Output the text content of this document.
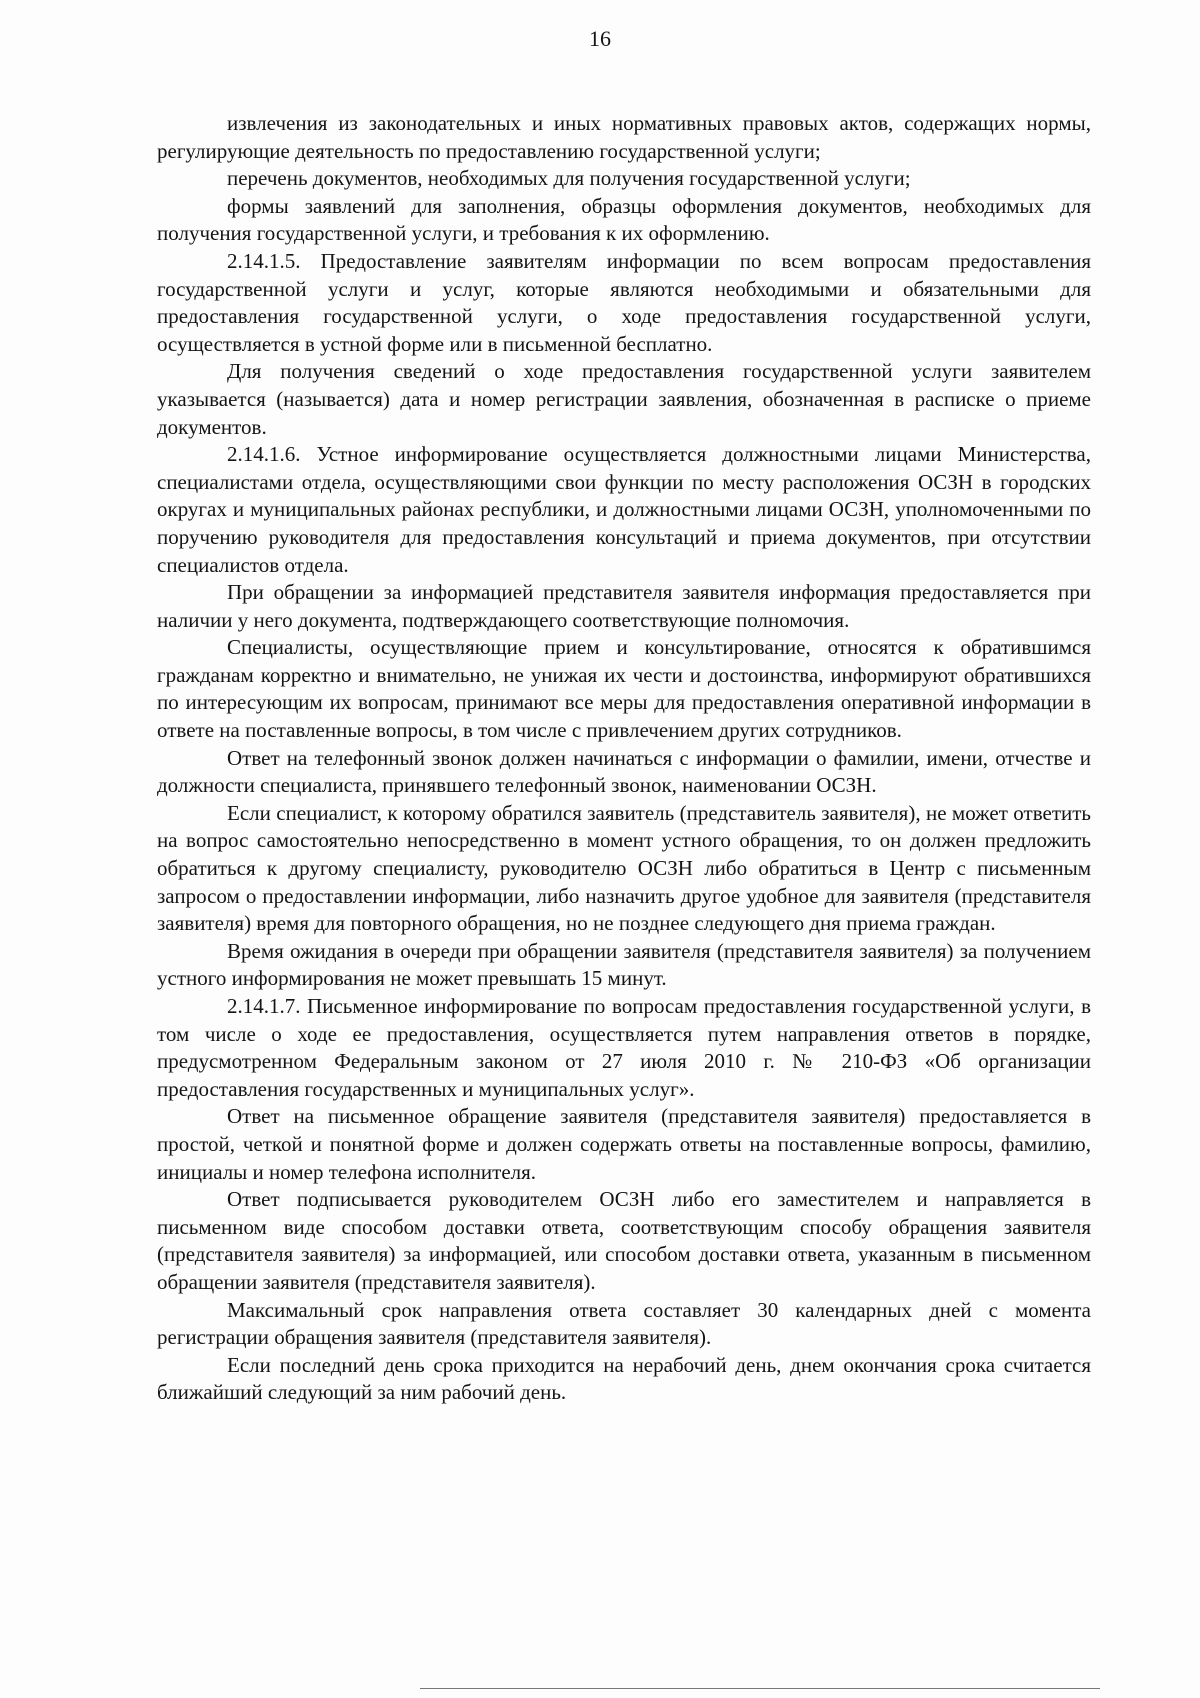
16

извлечения из законодательных и иных нормативных правовых актов, содержащих нормы, регулирующие деятельность по предоставлению государственной услуги;

перечень документов, необходимых для получения государственной услуги;

формы заявлений для заполнения, образцы оформления документов, необходимых для получения государственной услуги, и требования к их оформлению.

2.14.1.5. Предоставление заявителям информации по всем вопросам предоставления государственной услуги и услуг, которые являются необходимыми и обязательными для предоставления государственной услуги, о ходе предоставления государственной услуги, осуществляется в устной форме или в письменной бесплатно.

Для получения сведений о ходе предоставления государственной услуги заявителем указывается (называется) дата и номер регистрации заявления, обозначенная в расписке о приеме документов.

2.14.1.6. Устное информирование осуществляется должностными лицами Министерства, специалистами отдела, осуществляющими свои функции по месту расположения ОСЗН в городских округах и муниципальных районах республики, и должностными лицами ОСЗН, уполномоченными по поручению руководителя для предоставления консультаций и приема документов, при отсутствии специалистов отдела.

При обращении за информацией представителя заявителя информация предоставляется при наличии у него документа, подтверждающего соответствующие полномочия.

Специалисты, осуществляющие прием и консультирование, относятся к обратившимся гражданам корректно и внимательно, не унижая их чести и достоинства, информируют обратившихся по интересующим их вопросам, принимают все меры для предоставления оперативной информации в ответе на поставленные вопросы, в том числе с привлечением других сотрудников.

Ответ на телефонный звонок должен начинаться с информации о фамилии, имени, отчестве и должности специалиста, принявшего телефонный звонок, наименовании ОСЗН.

Если специалист, к которому обратился заявитель (представитель заявителя), не может ответить на вопрос самостоятельно непосредственно в момент устного обращения, то он должен предложить обратиться к другому специалисту, руководителю ОСЗН либо обратиться в Центр с письменным запросом о предоставлении информации, либо назначить другое удобное для заявителя (представителя заявителя) время для повторного обращения, но не позднее следующего дня приема граждан.

Время ожидания в очереди при обращении заявителя (представителя заявителя) за получением устного информирования не может превышать 15 минут.

2.14.1.7. Письменное информирование по вопросам предоставления государственной услуги, в том числе о ходе ее предоставления, осуществляется путем направления ответов в порядке, предусмотренном Федеральным законом от 27 июля 2010 г. № 210-ФЗ «Об организации предоставления государственных и муниципальных услуг».

Ответ на письменное обращение заявителя (представителя заявителя) предоставляется в простой, четкой и понятной форме и должен содержать ответы на поставленные вопросы, фамилию, инициалы и номер телефона исполнителя.

Ответ подписывается руководителем ОСЗН либо его заместителем и направляется в письменном виде способом доставки ответа, соответствующим способу обращения заявителя (представителя заявителя) за информацией, или способом доставки ответа, указанным в письменном обращении заявителя (представителя заявителя).

Максимальный срок направления ответа составляет 30 календарных дней с момента регистрации обращения заявителя (представителя заявителя).

Если последний день срока приходится на нерабочий день, днем окончания срока считается ближайший следующий за ним рабочий день.
